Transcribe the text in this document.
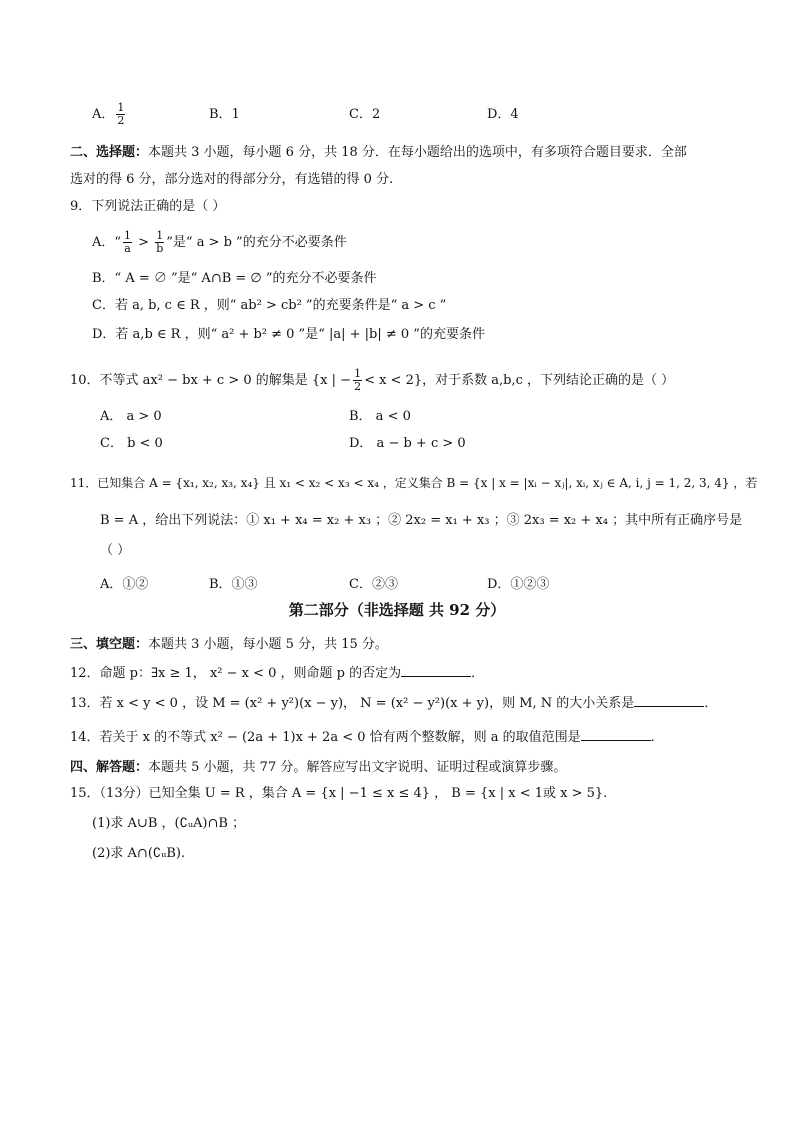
A． $\frac{1}{2}$	B．1	C．2	D．4
二、选择题：本题共 3 小题，每小题 6 分，共 18 分．在每小题给出的选项中，有多项符合题目要求．全部
选对的得 6 分，部分选对的得部分分，有选错的得 0 分.
9．下列说法正确的是（ ）
A．“ $\frac{1}{a} > \frac{1}{b}$ ”是“ a > b ”的充分不必要条件
B．“ A = ∅ ”是“ A∩B = ∅ ”的充分不必要条件
C．若 a, b, c ∈ R ，则“ ab² > cb² ”的充要条件是“ a > c ”
D．若 a,b ∈ R ，则“ a² + b² ≠ 0 ”是“ |a| + |b| ≠ 0 ”的充要条件
10．不等式 ax² − bx + c > 0 的解集是 {x | − $\frac{1}{2} < x < 2$}，对于系数 a,b,c ，下列结论正确的是（ ）
A． a > 0	B． a < 0
C． b < 0	D． a − b + c > 0
11．已知集合 A = {x₁, x₂, x₃, x₄} 且 x₁ < x₂ < x₃ < x₄ ，定义集合 B = {x | x = |xᵢ − xⱼ|, xᵢ, xⱼ ∈ A, i, j = 1, 2, 3, 4} ，若
B = A ，给出下列说法：① x₁ + x₄ = x₂ + x₃ ；② 2x₂ = x₁ + x₃ ；③ 2x₃ = x₂ + x₄ ；其中所有正确序号是
（ ）
A．①②	B．①③	C．②③	D．①②③
第二部分（非选择题 共 92 分）
三、填空题：本题共 3 小题，每小题 5 分，共 15 分。
12．命题 p：∃x ≥ 1， x² − x < 0 ，则命题 p 的否定为	．
13．若 x < y < 0 ，设 M = (x² + y²)(x − y)， N = (x² − y²)(x + y)，则 M, N 的大小关系是	．
14．若关于 x 的不等式 x² − (2a + 1)x + 2a < 0 恰有两个整数解，则 a 的取值范围是	．
四、解答题：本题共 5 小题，共 77 分。解答应写出文字说明、证明过程或演算步骤。
15．（13分）已知全集 U = R ，集合 A = {x | −1 ≤ x ≤ 4} ， B = {x | x < 1或 x > 5}.
(1)求 A∪B ，(∁ᵤA)∩B ；
(2)求 A∩(∁ᵤB).
